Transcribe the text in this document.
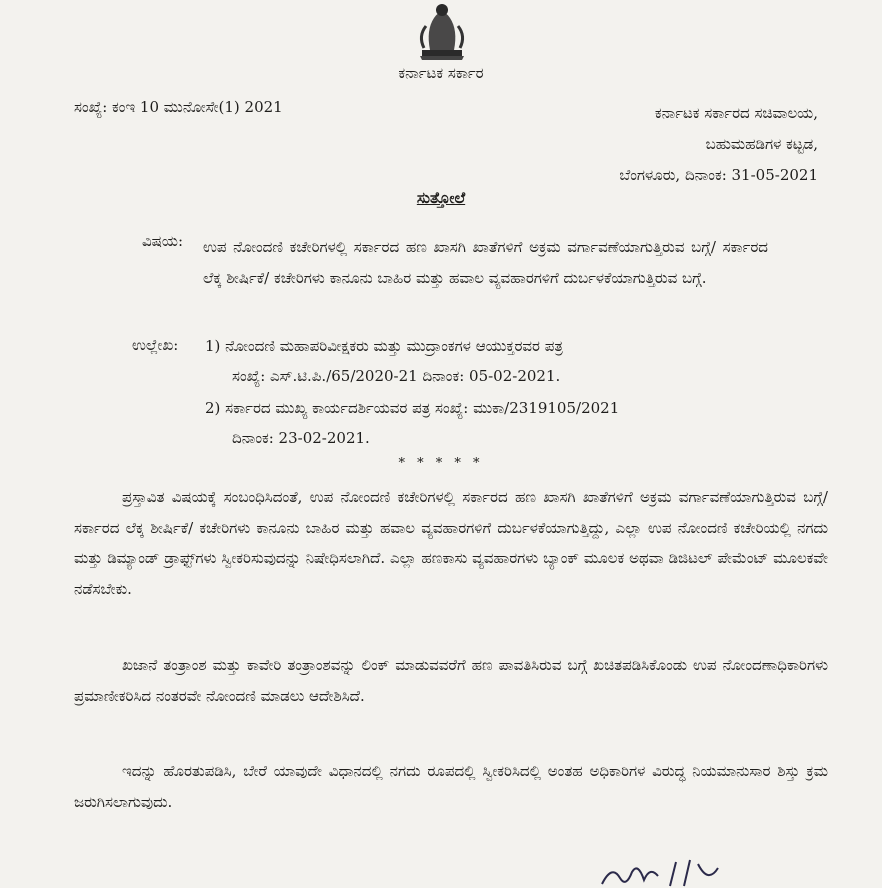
ಕರ್ನಾಟಕ ಸರ್ಕಾರ
ಸಂಖ್ಯೆ: ಕಂಇ 10 ಮುನೋಸೇ(1) 2021	ಕರ್ನಾಟಕ ಸರ್ಕಾರದ ಸಚಿವಾಲಯ,
ಬಹುಮಹಡಿಗಳ ಕಟ್ಟಡ,
ಬೆಂಗಳೂರು, ದಿನಾಂಕ: 31-05-2021
ಸುತ್ತೋಲೆ
ವಿಷಯ: ಉಪ ನೋಂದಣಿ ಕಚೇರಿಗಳಲ್ಲಿ ಸರ್ಕಾರದ ಹಣ ಖಾಸಗಿ ಖಾತೆಗಳಿಗೆ ಅಕ್ರಮ ವರ್ಗಾವಣೆಯಾಗುತ್ತಿರುವ ಬಗ್ಗೆ/ ಸರ್ಕಾರದ ಲೆಕ್ಕ ಶೀರ್ಷಿಕೆ/ ಕಚೇರಿಗಳು ಕಾನೂನು ಬಾಹಿರ ಮತ್ತು ಹವಾಲ ವ್ಯವಹಾರಗಳಿಗೆ ದುರ್ಬಳಕೆಯಾಗುತ್ತಿರುವ ಬಗ್ಗೆ.
ಉಲ್ಲೇಖ: 1) ನೋಂದಣಿ ಮಹಾಪರಿವೀಕ್ಷಕರು ಮತ್ತು ಮುದ್ರಾಂಕಗಳ ಆಯುಕ್ತರವರ ಪತ್ರ
ಸಂಖ್ಯೆ: ಎಸ್.ಟಿ.ಪಿ./65/2020-21 ದಿನಾಂಕ: 05-02-2021.
2) ಸರ್ಕಾರದ ಮುಖ್ಯ ಕಾರ್ಯದರ್ಶಿಯವರ ಪತ್ರ ಸಂಖ್ಯೆ: ಮುಕಾ/2319105/2021
ದಿನಾಂಕ: 23-02-2021.
* * * * *
ಪ್ರಸ್ತಾವಿತ ವಿಷಯಕ್ಕೆ ಸಂಬಂಧಿಸಿದಂತೆ, ಉಪ ನೋಂದಣಿ ಕಚೇರಿಗಳಲ್ಲಿ ಸರ್ಕಾರದ ಹಣ ಖಾಸಗಿ ಖಾತೆಗಳಿಗೆ ಅಕ್ರಮ ವರ್ಗಾವಣೆಯಾಗುತ್ತಿರುವ ಬಗ್ಗೆ/ ಸರ್ಕಾರದ ಲೆಕ್ಕ ಶೀರ್ಷಿಕೆ/ ಕಚೇರಿಗಳು ಕಾನೂನು ಬಾಹಿರ ಮತ್ತು ಹವಾಲ ವ್ಯವಹಾರಗಳಿಗೆ ದುರ್ಬಳಕೆಯಾಗುತ್ತಿದ್ದು, ಎಲ್ಲಾ ಉಪ ನೋಂದಣಿ ಕಚೇರಿಯಲ್ಲಿ ನಗದು ಮತ್ತು ಡಿಮ್ಯಾಂಡ್ ಡ್ರಾಫ್ಟ್‌ಗಳು ಸ್ವೀಕರಿಸುವುದನ್ನು ನಿಷೇಧಿಸಲಾಗಿದೆ. ಎಲ್ಲಾ ಹಣಕಾಸು ವ್ಯವಹಾರಗಳು ಬ್ಯಾಂಕ್ ಮೂಲಕ ಅಥವಾ ಡಿಜಿಟಲ್ ಪೇಮೆಂಟ್ ಮೂಲಕವೇ ನಡೆಸಬೇಕು.
ಖಜಾನೆ ತಂತ್ರಾಂಶ ಮತ್ತು ಕಾವೇರಿ ತಂತ್ರಾಂಶವನ್ನು ಲಿಂಕ್ ಮಾಡುವವರೆಗೆ ಹಣ ಪಾವತಿಸಿರುವ ಬಗ್ಗೆ ಖಚಿತಪಡಿಸಿಕೊಂಡು ಉಪ ನೋಂದಣಾಧಿಕಾರಿಗಳು ಪ್ರಮಾಣೀಕರಿಸಿದ ನಂತರವೇ ನೋಂದಣಿ ಮಾಡಲು ಆದೇಶಿಸಿದೆ.
ಇದನ್ನು ಹೊರತುಪಡಿಸಿ, ಬೇರೆ ಯಾವುದೇ ವಿಧಾನದಲ್ಲಿ ನಗದು ರೂಪದಲ್ಲಿ ಸ್ವೀಕರಿಸಿದಲ್ಲಿ ಅಂತಹ ಅಧಿಕಾರಿಗಳ ವಿರುದ್ಧ ನಿಯಮಾನುಸಾರ ಶಿಸ್ತು ಕ್ರಮ ಜರುಗಿಸಲಾಗುವುದು.
